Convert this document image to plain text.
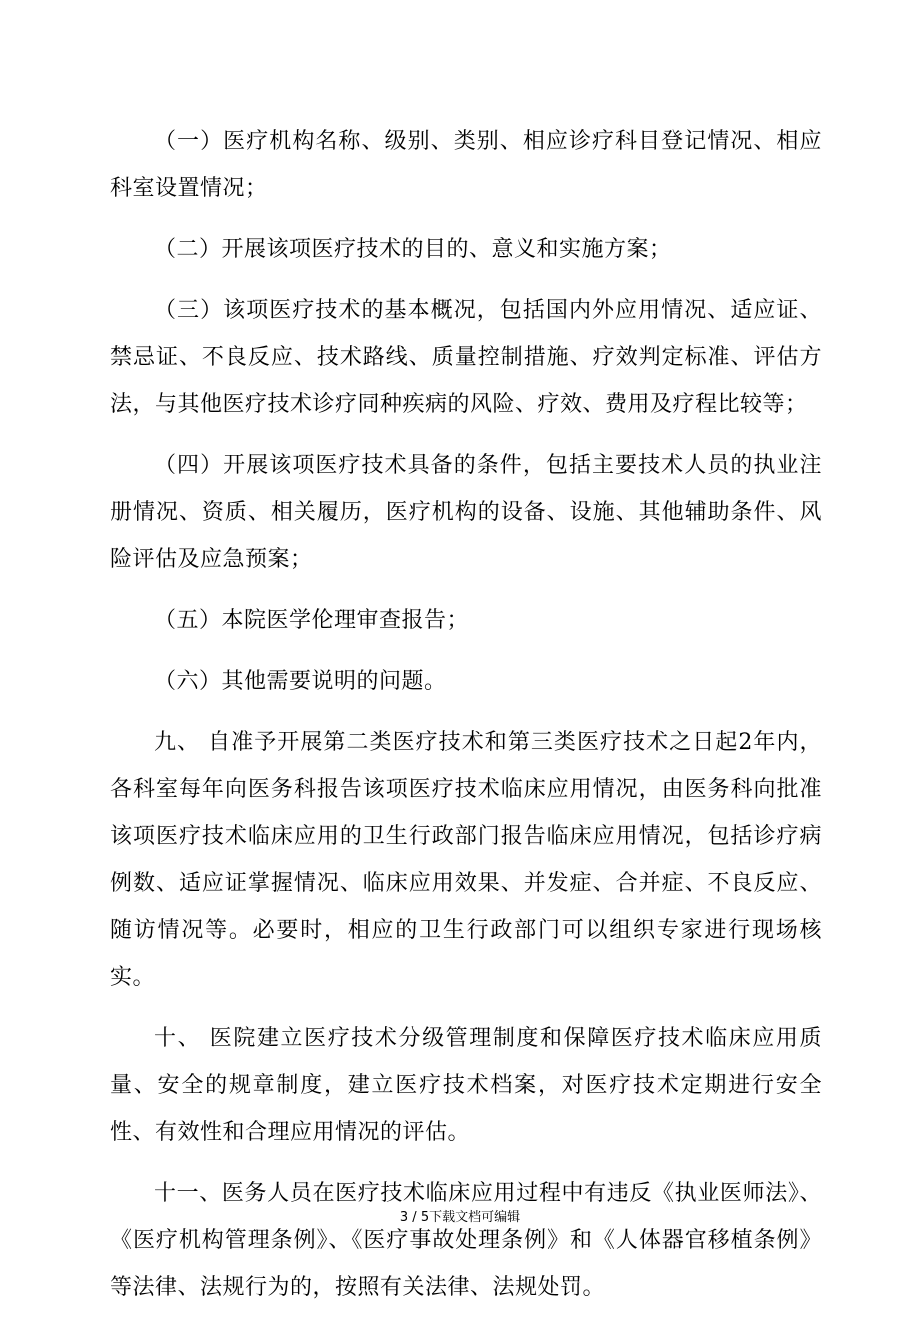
（一）医疗机构名称、级别、类别、相应诊疗科目登记情况、相应科室设置情况；

（二）开展该项医疗技术的目的、意义和实施方案；

（三）该项医疗技术的基本概况，包括国内外应用情况、适应证、禁忌证、不良反应、技术路线、质量控制措施、疗效判定标准、评估方法，与其他医疗技术诊疗同种疾病的风险、疗效、费用及疗程比较等；

（四）开展该项医疗技术具备的条件，包括主要技术人员的执业注册情况、资质、相关履历，医疗机构的设备、设施、其他辅助条件、风险评估及应急预案；

（五）本院医学伦理审查报告；

（六）其他需要说明的问题。

九、 自准予开展第二类医疗技术和第三类医疗技术之日起2年内，各科室每年向医务科报告该项医疗技术临床应用情况，由医务科向批准该项医疗技术临床应用的卫生行政部门报告临床应用情况，包括诊疗病例数、适应证掌握情况、临床应用效果、并发症、合并症、不良反应、随访情况等。必要时，相应的卫生行政部门可以组织专家进行现场核实。

十、 医院建立医疗技术分级管理制度和保障医疗技术临床应用质量、安全的规章制度，建立医疗技术档案，对医疗技术定期进行安全性、有效性和合理应用情况的评估。

十一、医务人员在医疗技术临床应用过程中有违反《执业医师法》、《医疗机构管理条例》、《医疗事故处理条例》和《人体器官移植条例》等法律、法规行为的，按照有关法律、法规处罚。

3 / 5下载文档可编辑
